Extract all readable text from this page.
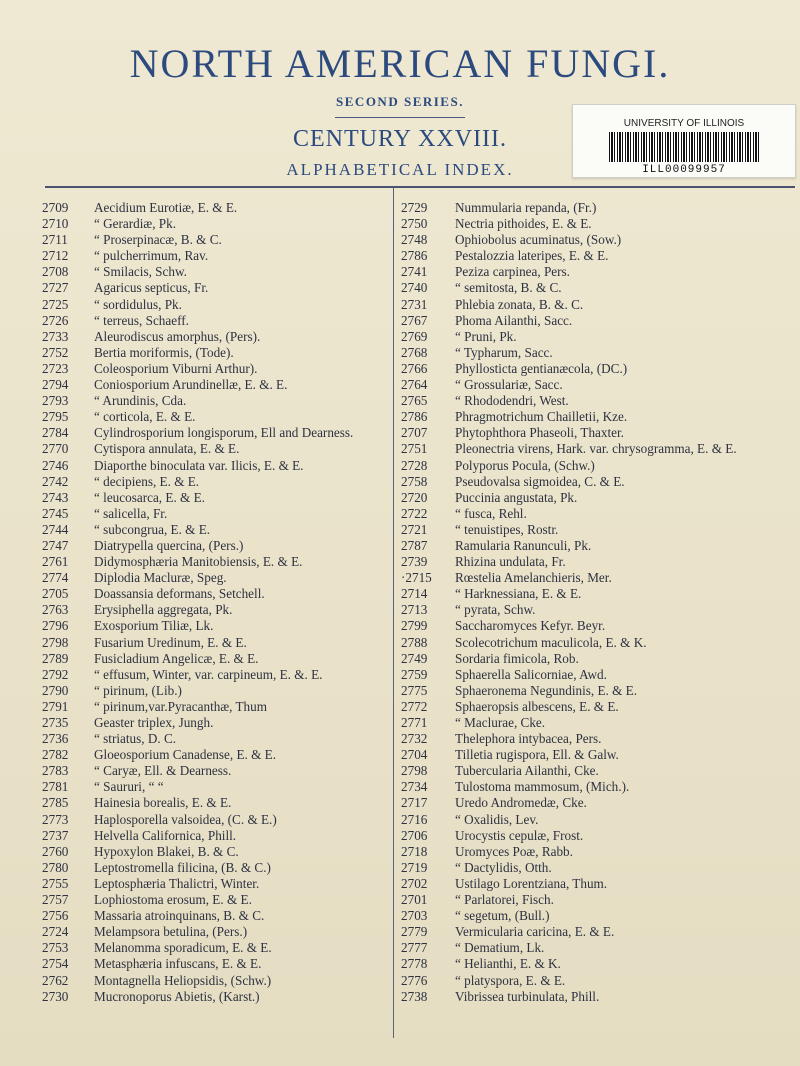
NORTH AMERICAN FUNGI.
SECOND SERIES.
CENTURY XXVIII.
ALPHABETICAL INDEX.
UNIVERSITY OF ILLINOIS
ILL00099957
2709	Aecidium Eurotiæ, E. & E.
2710	“ Gerardiæ, Pk.
2711	“ Proserpinacæ, B. & C.
2712	“ pulcherrimum, Rav.
2708	“ Smilacis, Schw.
2727	Agaricus septicus, Fr.
2725	“ sordidulus, Pk.
2726	“ terreus, Schaeff.
2733	Aleurodiscus amorphus, (Pers).
2752	Bertia moriformis, (Tode).
2723	Coleosporium Viburni Arthur).
2794	Coniosporium Arundinellæ, E. &. E.
2793	“ Arundinis, Cda.
2795	“ corticola, E. & E.
2784	Cylindrosporium longisporum, Ell and Dearness.
2770	Cytispora annulata, E. & E.
2746	Diaporthe binoculata var. Ilicis, E. & E.
2742	“ decipiens, E. & E.
2743	“ leucosarca, E. & E.
2745	“ salicella, Fr.
2744	“ subcongrua, E. & E.
2747	Diatrypella quercina, (Pers.)
2761	Didymosphæria Manitobiensis, E. & E.
2774	Diplodia Macluræ, Speg.
2705	Doassansia deformans, Setchell.
2763	Erysiphella aggregata, Pk.
2796	Exosporium Tiliæ, Lk.
2798	Fusarium Uredinum, E. & E.
2789	Fusicladium Angelicæ, E. & E.
2792	“ effusum, Winter, var. carpineum, E. &. E.
2790	“ pirinum, (Lib.)
2791	“ pirinum,var.Pyracanthæ, Thum
2735	Geaster triplex, Jungh.
2736	“ striatus, D. C.
2782	Gloeosporium Canadense, E. & E.
2783	“ Caryæ, Ell. & Dearness.
2781	“ Saururi, “ “
2785	Hainesia borealis, E. & E.
2773	Haplosporella valsoidea, (C. & E.)
2737	Helvella Californica, Phill.
2760	Hypoxylon Blakei, B. & C.
2780	Leptostromella filicina, (B. & C.)
2755	Leptosphæria Thalictri, Winter.
2757	Lophiostoma erosum, E. & E.
2756	Massaria atroinquinans, B. & C.
2724	Melampsora betulina, (Pers.)
2753	Melanomma sporadicum, E. & E.
2754	Metasphæria infuscans, E. & E.
2762	Montagnella Heliopsidis, (Schw.)
2730	Mucronoporus Abietis, (Karst.)
2729	Nummularia repanda, (Fr.)
2750	Nectria pithoides, E. & E.
2748	Ophiobolus acuminatus, (Sow.)
2786	Pestalozzia lateripes, E. & E.
2741	Peziza carpinea, Pers.
2740	“ semitosta, B. & C.
2731	Phlebia zonata, B. &. C.
2767	Phoma Ailanthi, Sacc.
2769	“ Pruni, Pk.
2768	“ Typharum, Sacc.
2766	Phyllosticta gentianæcola, (DC.)
2764	“ Grossulariæ, Sacc.
2765	“ Rhododendri, West.
2786	Phragmotrichum Chailletii, Kze.
2707	Phytophthora Phaseoli, Thaxter.
2751	Pleonectria virens, Hark. var. chrysogramma, E. & E.
2728	Polyporus Pocula, (Schw.)
2758	Pseudovalsa sigmoidea, C. & E.
2720	Puccinia angustata, Pk.
2722	“ fusca, Rehl.
2721	“ tenuistipes, Rostr.
2787	Ramularia Ranunculi, Pk.
2739	Rhizina undulata, Fr.
·2715	Rœstelia Amelanchieris, Mer.
2714	“ Harknessiana, E. & E.
2713	“ pyrata, Schw.
2799	Saccharomyces Kefyr. Beyr.
2788	Scolecotrichum maculicola, E. & K.
2749	Sordaria fimicola, Rob.
2759	Sphaerella Salicorniae, Awd.
2775	Sphaeronema Negundinis, E. & E.
2772	Sphaeropsis albescens, E. & E.
2771	“ Maclurae, Cke.
2732	Thelephora intybacea, Pers.
2704	Tilletia rugispora, Ell. & Galw.
2798	Tubercularia Ailanthi, Cke.
2734	Tulostoma mammosum, (Mich.).
2717	Uredo Andromedæ, Cke.
2716	“ Oxalidis, Lev.
2706	Urocystis cepulæ, Frost.
2718	Uromyces Poæ, Rabb.
2719	“ Dactylidis, Otth.
2702	Ustilago Lorentziana, Thum.
2701	“ Parlatorei, Fisch.
2703	“ segetum, (Bull.)
2779	Vermicularia caricina, E. & E.
2777	“ Dematium, Lk.
2778	“ Helianthi, E. & K.
2776	“ platyspora, E. & E.
2738	Vibrissea turbinulata, Phill.
